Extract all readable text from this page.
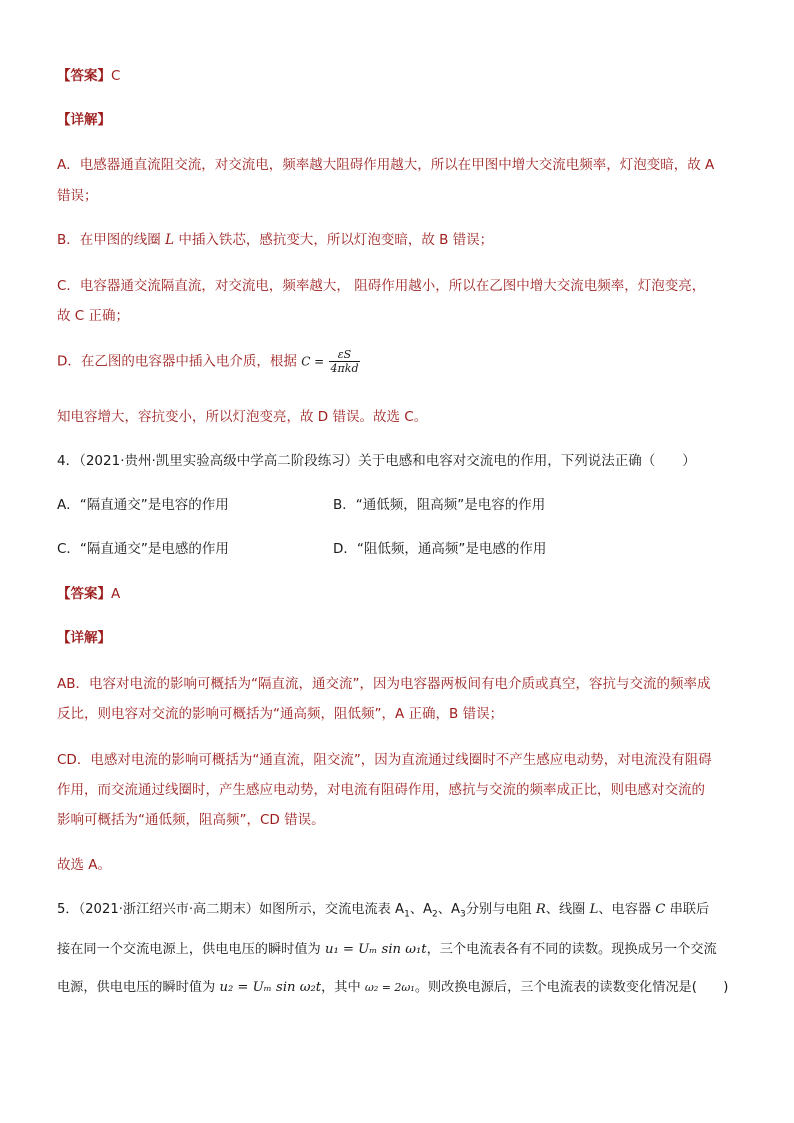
【答案】C
【详解】
A．电感器通直流阻交流，对交流电，频率越大阻碍作用越大，所以在甲图中增大交流电频率，灯泡变暗，故 A
错误；
B．在甲图的线圈 L 中插入铁芯，感抗变大，所以灯泡变暗，故 B 错误；
C．电容器通交流隔直流，对交流电，频率越大， 阻碍作用越小，所以在乙图中增大交流电频率，灯泡变亮，
故 C 正确；
D．在乙图的电容器中插入电介质，根据 $C = \frac{\varepsilon S}{\text{4πkd}}$
知电容增大，容抗变小，所以灯泡变亮，故 D 错误。故选 C。
4．（2021·贵州·凯里实验高级中学高二阶段练习）关于电感和电容对交流电的作用，下列说法正确（　　）
A．“隔直通交”是电容的作用	B．“通低频，阻高频”是电容的作用
C．“隔直通交”是电感的作用	D．“阻低频，通高频”是电感的作用
【答案】A
【详解】
AB．电容对电流的影响可概括为“隔直流，通交流”，因为电容器两板间有电介质或真空，容抗与交流的频率成
反比，则电容对交流的影响可概括为“通高频，阻低频”，A 正确，B 错误；
CD．电感对电流的影响可概括为“通直流，阻交流”，因为直流通过线圈时不产生感应电动势，对电流没有阻碍
作用，而交流通过线圈时，产生感应电动势，对电流有阻碍作用，感抗与交流的频率成正比，则电感对交流的
影响可概括为“通低频，阻高频”，CD 错误。
故选 A。
5．（2021·浙江绍兴市·高二期末）如图所示，交流电流表 $A_1$、$A_2$、$A_3$分别与电阻 R、线圈 L、电容器 C 串联后
接在同一个交流电源上，供电电压的瞬时值为 u₁ = Uₘ sin ω₁t，三个电流表各有不同的读数。现换成另一个交流
电源，供电电压的瞬时值为 u₂ = Uₘ sin ω₂t，其中 ω₂ = 2ω₁。则改换电源后，三个电流表的读数变化情况是(　　)
